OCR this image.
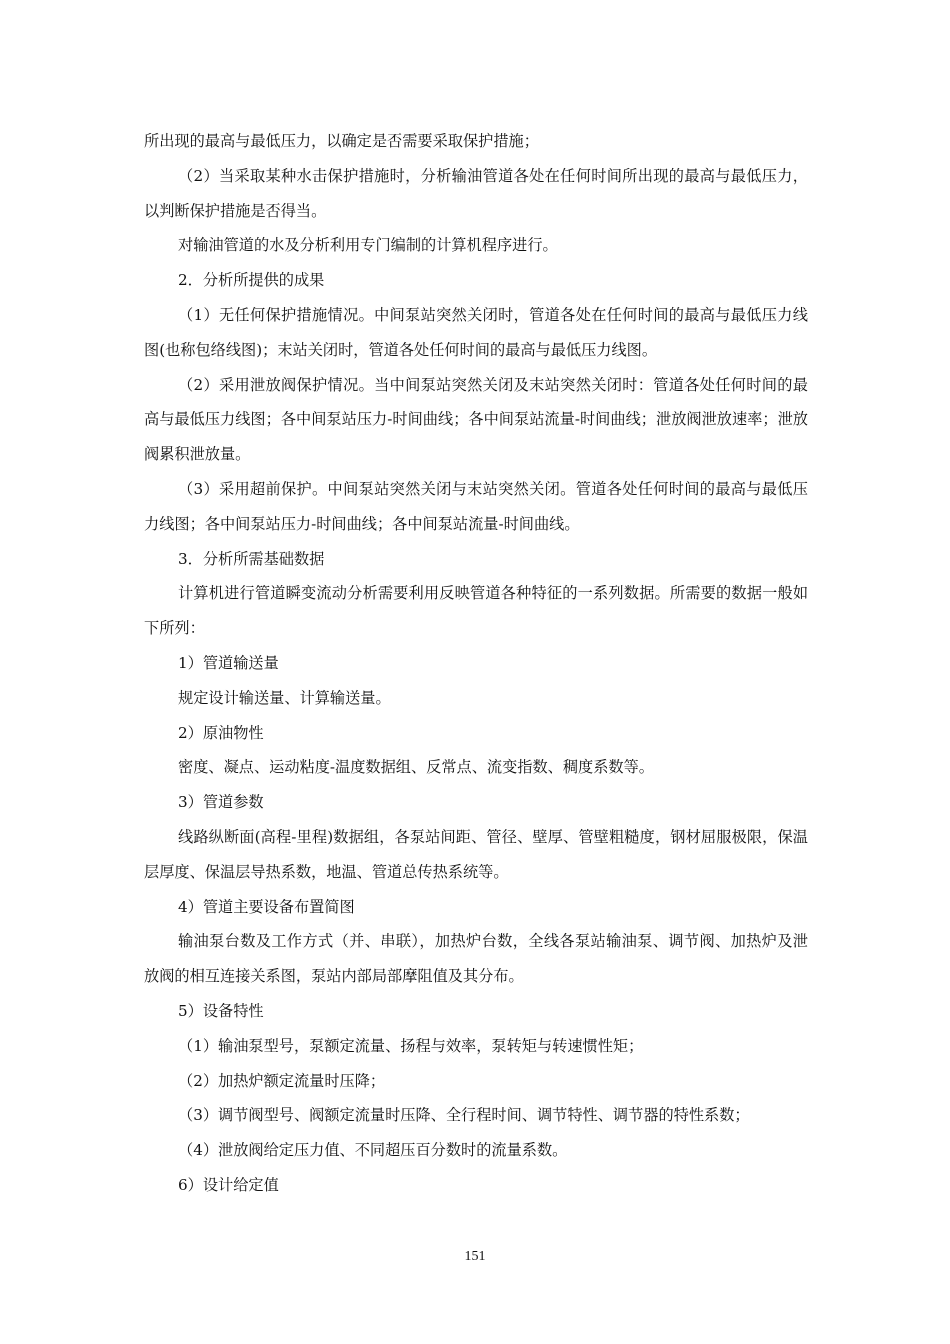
所出现的最高与最低压力，以确定是否需要采取保护措施；

（2）当采取某种水击保护措施时，分析输油管道各处在任何时间所出现的最高与最低压力，以判断保护措施是否得当。

对输油管道的水及分析利用专门编制的计算机程序进行。

2．分析所提供的成果

（1）无任何保护措施情况。中间泵站突然关闭时，管道各处在任何时间的最高与最低压力线图(也称包络线图)；末站关闭时，管道各处任何时间的最高与最低压力线图。

（2）采用泄放阀保护情况。当中间泵站突然关闭及末站突然关闭时：管道各处任何时间的最高与最低压力线图；各中间泵站压力-时间曲线；各中间泵站流量-时间曲线；泄放阀泄放速率；泄放阀累积泄放量。

（3）采用超前保护。中间泵站突然关闭与末站突然关闭。管道各处任何时间的最高与最低压力线图；各中间泵站压力-时间曲线；各中间泵站流量-时间曲线。

3．分析所需基础数据

计算机进行管道瞬变流动分析需要利用反映管道各种特征的一系列数据。所需要的数据一般如下所列：

1）管道输送量

规定设计输送量、计算输送量。

2）原油物性

密度、凝点、运动粘度-温度数据组、反常点、流变指数、稠度系数等。

3）管道参数

线路纵断面(高程-里程)数据组，各泵站间距、管径、壁厚、管壁粗糙度，钢材屈服极限，保温层厚度、保温层导热系数，地温、管道总传热系统等。

4）管道主要设备布置简图

输油泵台数及工作方式（并、串联），加热炉台数，全线各泵站输油泵、调节阀、加热炉及泄放阀的相互连接关系图，泵站内部局部摩阻值及其分布。

5）设备特性

（1）输油泵型号，泵额定流量、扬程与效率，泵转矩与转速惯性矩；

（2）加热炉额定流量时压降；

（3）调节阀型号、阀额定流量时压降、全行程时间、调节特性、调节器的特性系数；

（4）泄放阀给定压力值、不同超压百分数时的流量系数。

6）设计给定值

151
